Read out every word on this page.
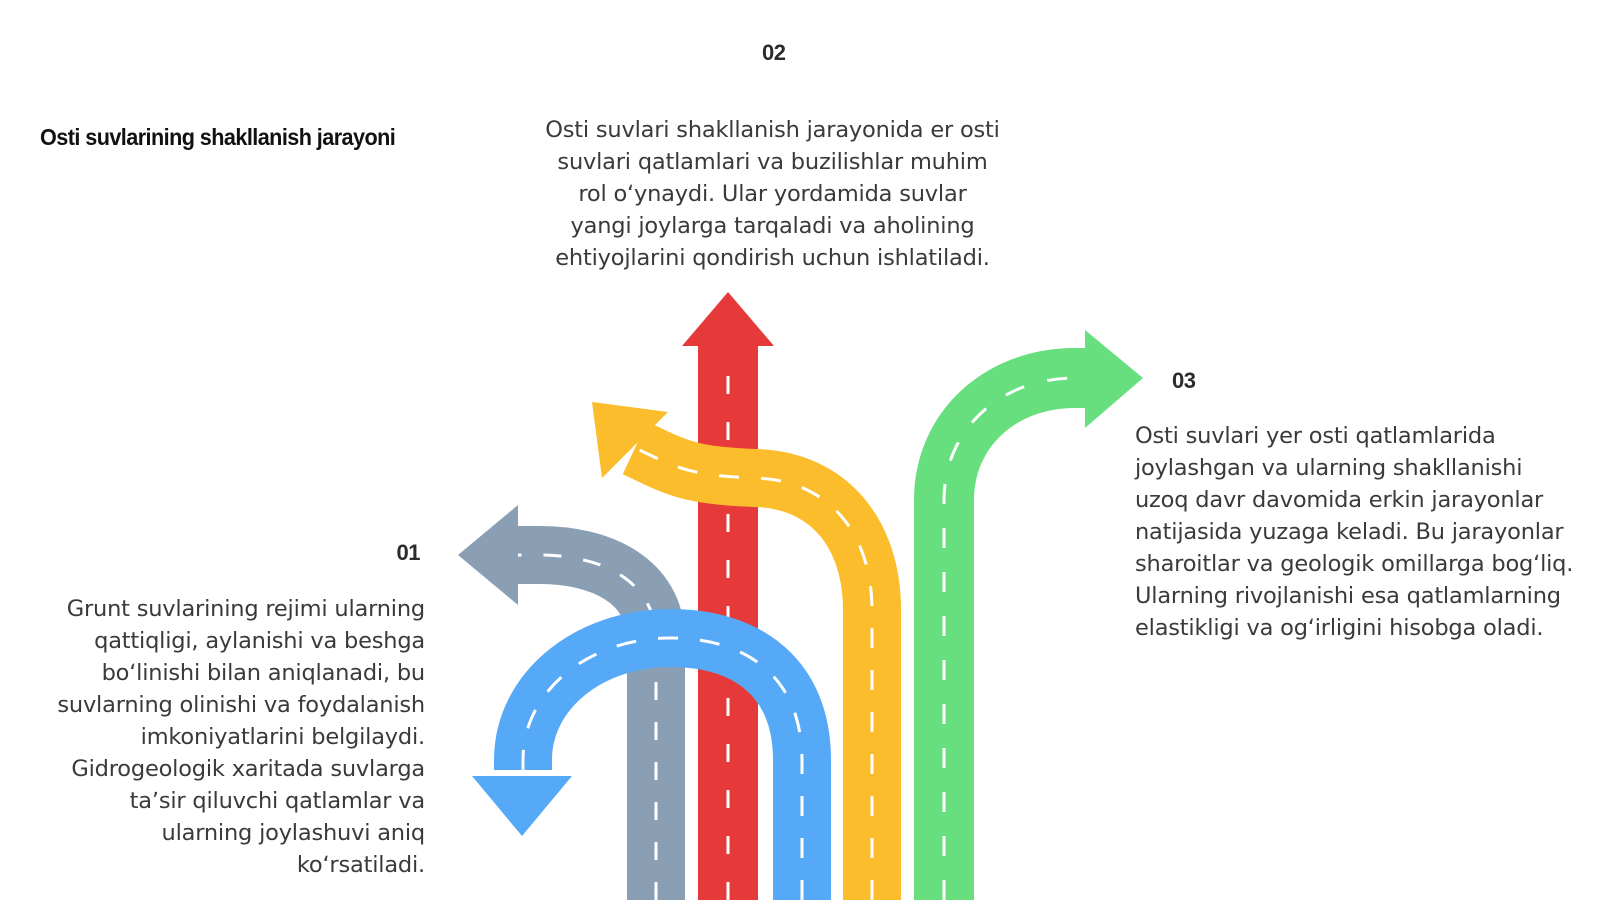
Osti suvlarining shakllanish jarayoni
02
Osti suvlari shakllanish jarayonida er osti suvlari qatlamlari va buzilishlar muhim rol oʻynaydi. Ular yordamida suvlar yangi joylarga tarqaladi va aholining ehtiyojlarini qondirish uchun ishlatiladi.
03
Osti suvlari yer osti qatlamlarida joylashgan va ularning shakllanishi uzoq davr davomida erkin jarayonlar natijasida yuzaga keladi. Bu jarayonlar sharoitlar va geologik omillarga bogʻliq. Ularning rivojlanishi esa qatlamlarning elastikligi va ogʻirligini hisobga oladi.
01
Grunt suvlarining rejimi ularning qattiqligi, aylanishi va beshga boʻlinishi bilan aniqlanadi, bu suvlarning olinishi va foydalanish imkoniyatlarini belgilaydi. Gidrogeologik xaritada suvlarga taʼsir qiluvchi qatlamlar va ularning joylashuvi aniq koʻrsatiladi.
